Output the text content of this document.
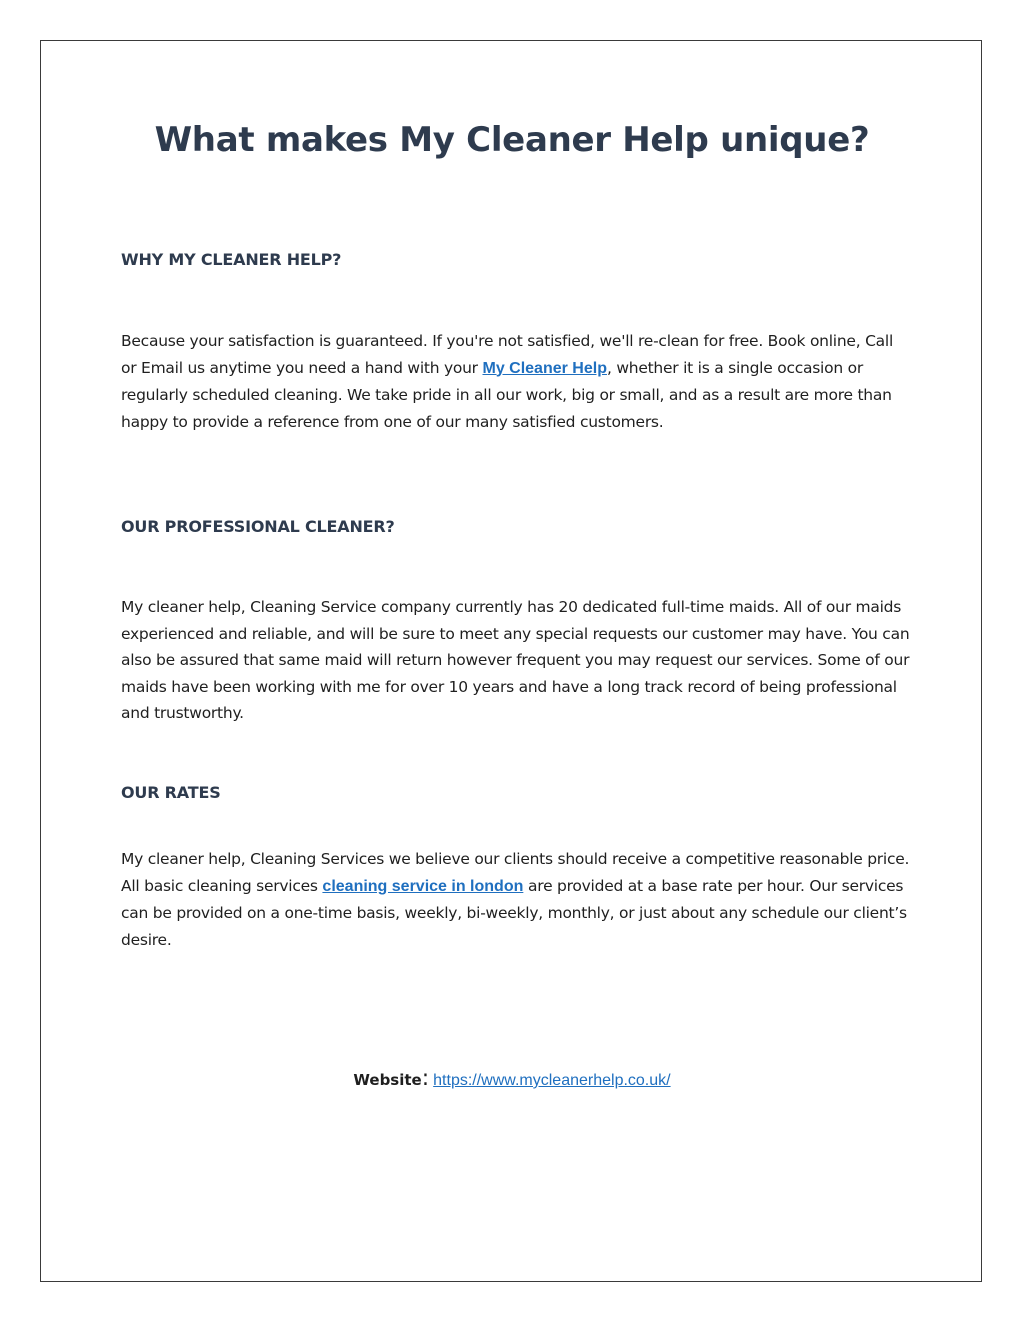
What makes My Cleaner Help unique?
WHY MY CLEANER HELP?

Because your satisfaction is guaranteed. If you're not satisfied, we'll re-clean for free. Book online, Call or Email us anytime you need a hand with your My Cleaner Help, whether it is a single occasion or regularly scheduled cleaning. We take pride in all our work, big or small, and as a result are more than happy to provide a reference from one of our many satisfied customers.

OUR PROFESSIONAL CLEANER?

My cleaner help, Cleaning Service company currently has 20 dedicated full-time maids. All of our maids experienced and reliable, and will be sure to meet any special requests our customer may have. You can also be assured that same maid will return however frequent you may request our services. Some of our maids have been working with me for over 10 years and have a long track record of being professional and trustworthy.

OUR RATES

My cleaner help, Cleaning Services we believe our clients should receive a competitive reasonable price. All basic cleaning services cleaning service in london are provided at a base rate per hour. Our services can be provided on a one-time basis, weekly, bi-weekly, monthly, or just about any schedule our client’s desire.

Website: https://www.mycleanerhelp.co.uk/
